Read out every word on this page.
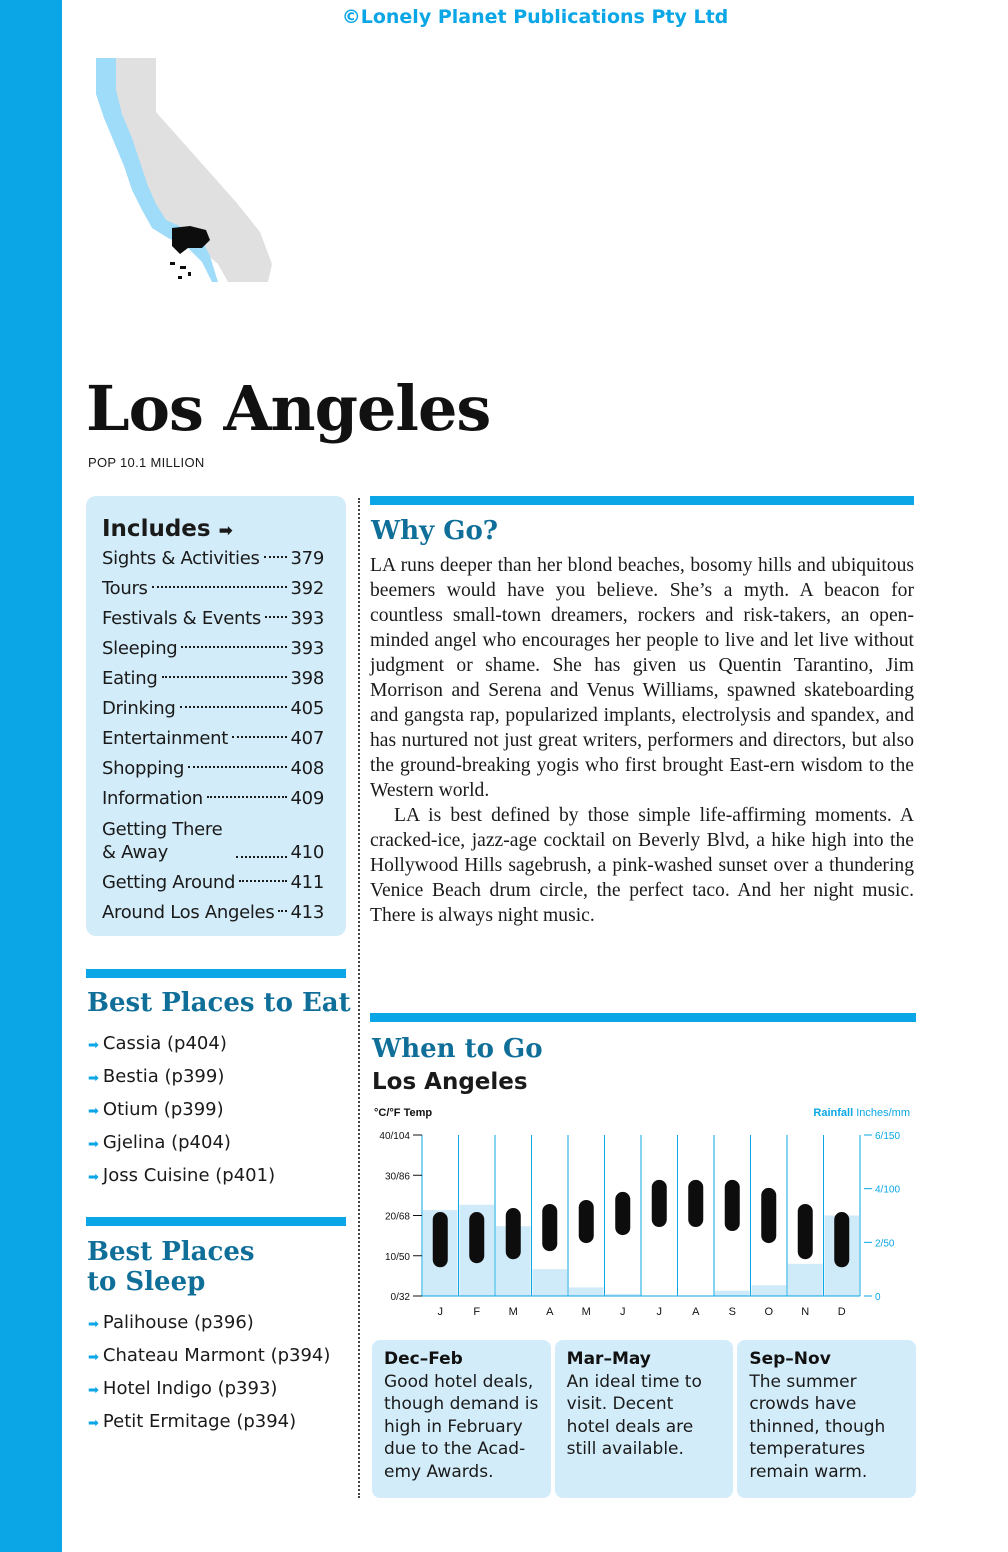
©Lonely Planet Publications Pty Ltd
Los Angeles
POP 10.1 MILLION
Includes ➡
Sights & Activities 379
Tours	392
Festivals & Events 393
Sleeping	393
Eating	398
Drinking	405
Entertainment	407
Shopping	408
Information	409
Getting There
& Away	410
Getting Around	411
Around Los Angeles 413
Best Places to Eat
➡ Cassia (p404)
➡ Bestia (p399)
➡ Otium (p399)
➡ Gjelina (p404)
➡ Joss Cuisine (p401)
Best Places
to Sleep
➡ Palihouse (p396)
➡ Chateau Marmont (p394)
➡ Hotel Indigo (p393)
➡ Petit Ermitage (p394)
Why Go?

LA runs deeper than her blond beaches, bosomy hills and ubiquitous beemers would have you believe. She’s a myth. A beacon for countless small-town dreamers, rockers and risk-takers, an open-minded angel who encourages her people to live and let live without judgment or shame. She has given us Quentin Tarantino, Jim Morrison and Serena and Venus Williams, spawned skateboarding and gangsta rap, popularized implants, electrolysis and spandex, and has nurtured not just great writers, performers and directors, but also the ground-breaking yogis who first brought East-ern wisdom to the Western world.

LA is best defined by those simple life-affirming moments. A cracked-ice, jazz-age cocktail on Beverly Blvd, a hike high into the Hollywood Hills sagebrush, a pink-washed sunset over a thundering Venice Beach drum circle, the perfect taco. And her night music. There is always night music.

When to Go
Los Angeles
°C/°F Temp	Rainfall Inches/mm
40/104
30/86
20/68
10/50
0/32
6/150
4/100
2/50
0
J	F	M	A	M	J	J	A	S	O	N	D
Dec–Feb
Good hotel deals, though demand is high in February due to the Acad-emy Awards.
Mar–May
An ideal time to visit. Decent hotel deals are still available.
Sep–Nov
The summer crowds have thinned, though temperatures remain warm.
